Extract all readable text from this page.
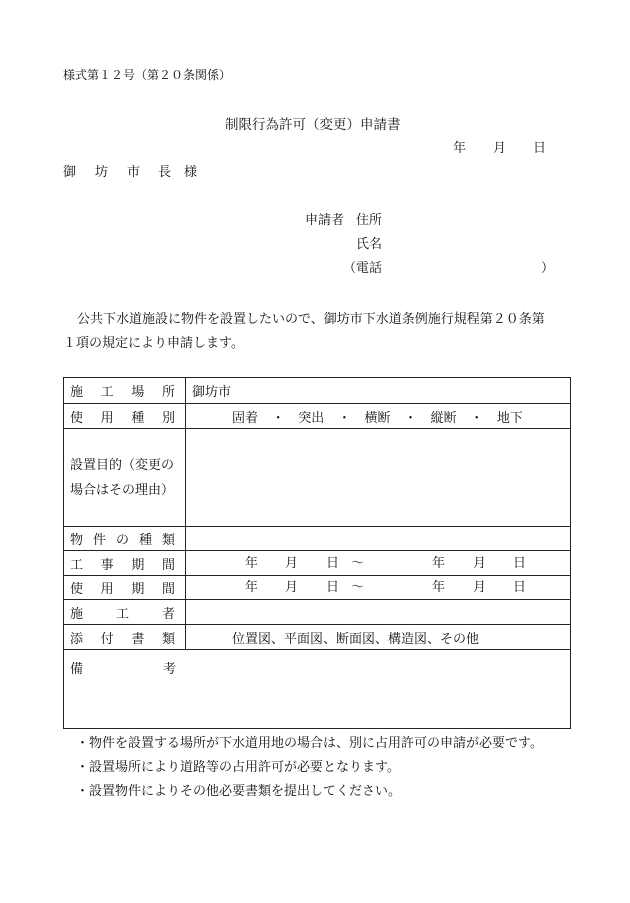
様式第１２号（第２０条関係）
制限行為許可（変更）申請書
年 月 日
御 坊 市 長 様
申請者 住所
氏名
（電話	）
公共下水道施設に物件を設置したいので、御坊市下水道条例施行規程第２０条第
１項の規定により申請します。
施 工 場 所 御坊市
使 用 種 別	固着 ・ 突出 ・ 横断 ・ 縦断 ・ 地下
設置目的（変更の
場合はその理由）
物 件 の 種 類
工 事 期 間	年 月 日 ～	年 月 日
使 用 期 間	年 月 日 ～	年 月 日
施	工	者
添 付 書 類	位置図、平面図、断面図、構造図、その他
備	考
・物件を設置する場所が下水道用地の場合は、別に占用許可の申請が必要です。
・設置場所により道路等の占用許可が必要となります。
・設置物件によりその他必要書類を提出してください。
